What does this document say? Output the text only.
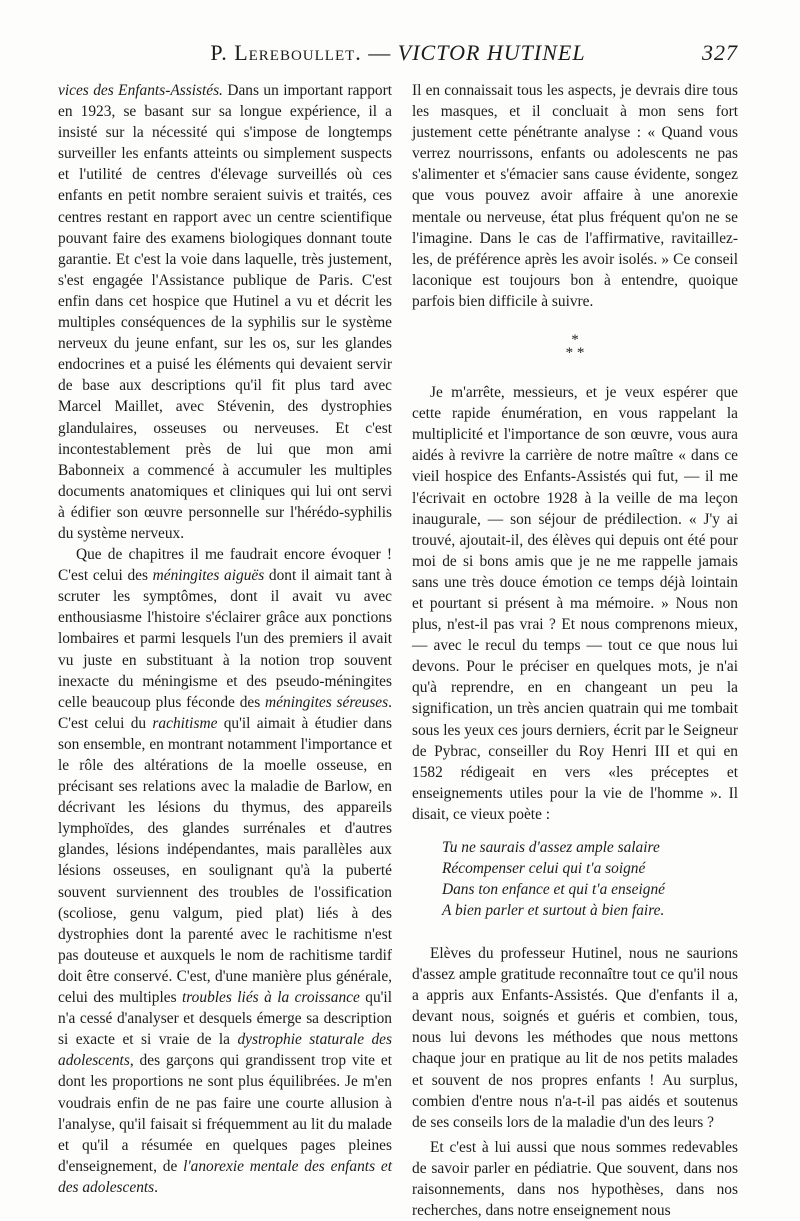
P. Lereboullet. — VICTOR HUTINEL	327

vices des Enfants-Assistés. Dans un important rapport en 1923, se basant sur sa longue expérience, il a insisté sur la nécessité qui s'impose de longtemps surveiller les enfants atteints ou simplement suspects et l'utilité de centres d'élevage surveillés où ces enfants en petit nombre seraient suivis et traités, ces centres restant en rapport avec un centre scientifique pouvant faire des examens biologiques donnant toute garantie. Et c'est la voie dans laquelle, très justement, s'est engagée l'Assistance publique de Paris. C'est enfin dans cet hospice que Hutinel a vu et décrit les multiples conséquences de la syphilis sur le système nerveux du jeune enfant, sur les os, sur les glandes endocrines et a puisé les éléments qui devaient servir de base aux descriptions qu'il fit plus tard avec Marcel Maillet, avec Stévenin, des dystrophies glandulaires, osseuses ou nerveuses. Et c'est incontestablement près de lui que mon ami Babonneix a commencé à accumuler les multiples documents anatomiques et cliniques qui lui ont servi à édifier son œuvre personnelle sur l'hérédo-syphilis du système nerveux.

Que de chapitres il me faudrait encore évoquer ! C'est celui des méningites aiguës dont il aimait tant à scruter les symptômes, dont il avait vu avec enthousiasme l'histoire s'éclairer grâce aux ponctions lombaires et parmi lesquels l'un des premiers il avait vu juste en substituant à la notion trop souvent inexacte du méningisme et des pseudo-méningites celle beaucoup plus féconde des méningites séreuses. C'est celui du rachitisme qu'il aimait à étudier dans son ensemble, en montrant notamment l'importance et le rôle des altérations de la moelle osseuse, en précisant ses relations avec la maladie de Barlow, en décrivant les lésions du thymus, des appareils lymphoïdes, des glandes surrénales et d'autres glandes, lésions indépendantes, mais parallèles aux lésions osseuses, en soulignant qu'à la puberté souvent surviennent des troubles de l'ossification (scoliose, genu valgum, pied plat) liés à des dystrophies dont la parenté avec le rachitisme n'est pas douteuse et auxquels le nom de rachitisme tardif doit être conservé. C'est, d'une manière plus générale, celui des multiples troubles liés à la croissance qu'il n'a cessé d'analyser et desquels émerge sa description si exacte et si vraie de la dystrophie staturale des adolescents, des garçons qui grandissent trop vite et dont les proportions ne sont plus équilibrées. Je m'en voudrais enfin de ne pas faire une courte allusion à l'analyse, qu'il faisait si fréquemment au lit du malade et qu'il a résumée en quelques pages pleines d'enseignement, de l'anorexie mentale des enfants et des adolescents.

Il en connaissait tous les aspects, je devrais dire tous les masques, et il concluait à mon sens fort justement cette pénétrante analyse : « Quand vous verrez nourrissons, enfants ou adolescents ne pas s'alimenter et s'émacier sans cause évidente, songez que vous pouvez avoir affaire à une anorexie mentale ou nerveuse, état plus fréquent qu'on ne se l'imagine. Dans le cas de l'affirmative, ravitaillez-les, de préférence après les avoir isolés. » Ce conseil laconique est toujours bon à entendre, quoique parfois bien difficile à suivre.

*
* *

Je m'arrête, messieurs, et je veux espérer que cette rapide énumération, en vous rappelant la multiplicité et l'importance de son œuvre, vous aura aidés à revivre la carrière de notre maître « dans ce vieil hospice des Enfants-Assistés qui fut, — il me l'écrivait en octobre 1928 à la veille de ma leçon inaugurale, — son séjour de prédilection. « J'y ai trouvé, ajoutait-il, des élèves qui depuis ont été pour moi de si bons amis que je ne me rappelle jamais sans une très douce émotion ce temps déjà lointain et pourtant si présent à ma mémoire. » Nous non plus, n'est-il pas vrai ? Et nous comprenons mieux, — avec le recul du temps — tout ce que nous lui devons. Pour le préciser en quelques mots, je n'ai qu'à reprendre, en en changeant un peu la signification, un très ancien quatrain qui me tombait sous les yeux ces jours derniers, écrit par le Seigneur de Pybrac, conseiller du Roy Henri III et qui en 1582 rédigeait en vers «les préceptes et enseignements utiles pour la vie de l'homme ». Il disait, ce vieux poète :

Tu ne saurais d'assez ample salaire
Récompenser celui qui t'a soigné
Dans ton enfance et qui t'a enseigné
A bien parler et surtout à bien faire.

Elèves du professeur Hutinel, nous ne saurions d'assez ample gratitude reconnaître tout ce qu'il nous a appris aux Enfants-Assistés. Que d'enfants il a, devant nous, soignés et guéris et combien, tous, nous lui devons les méthodes que nous mettons chaque jour en pratique au lit de nos petits malades et souvent de nos propres enfants ! Au surplus, combien d'entre nous n'a-t-il pas aidés et soutenus de ses conseils lors de la maladie d'un des leurs ?

Et c'est à lui aussi que nous sommes redevables de savoir parler en pédiatrie. Que souvent, dans nos raisonnements, dans nos hypothèses, dans nos recherches, dans notre enseignement nous
